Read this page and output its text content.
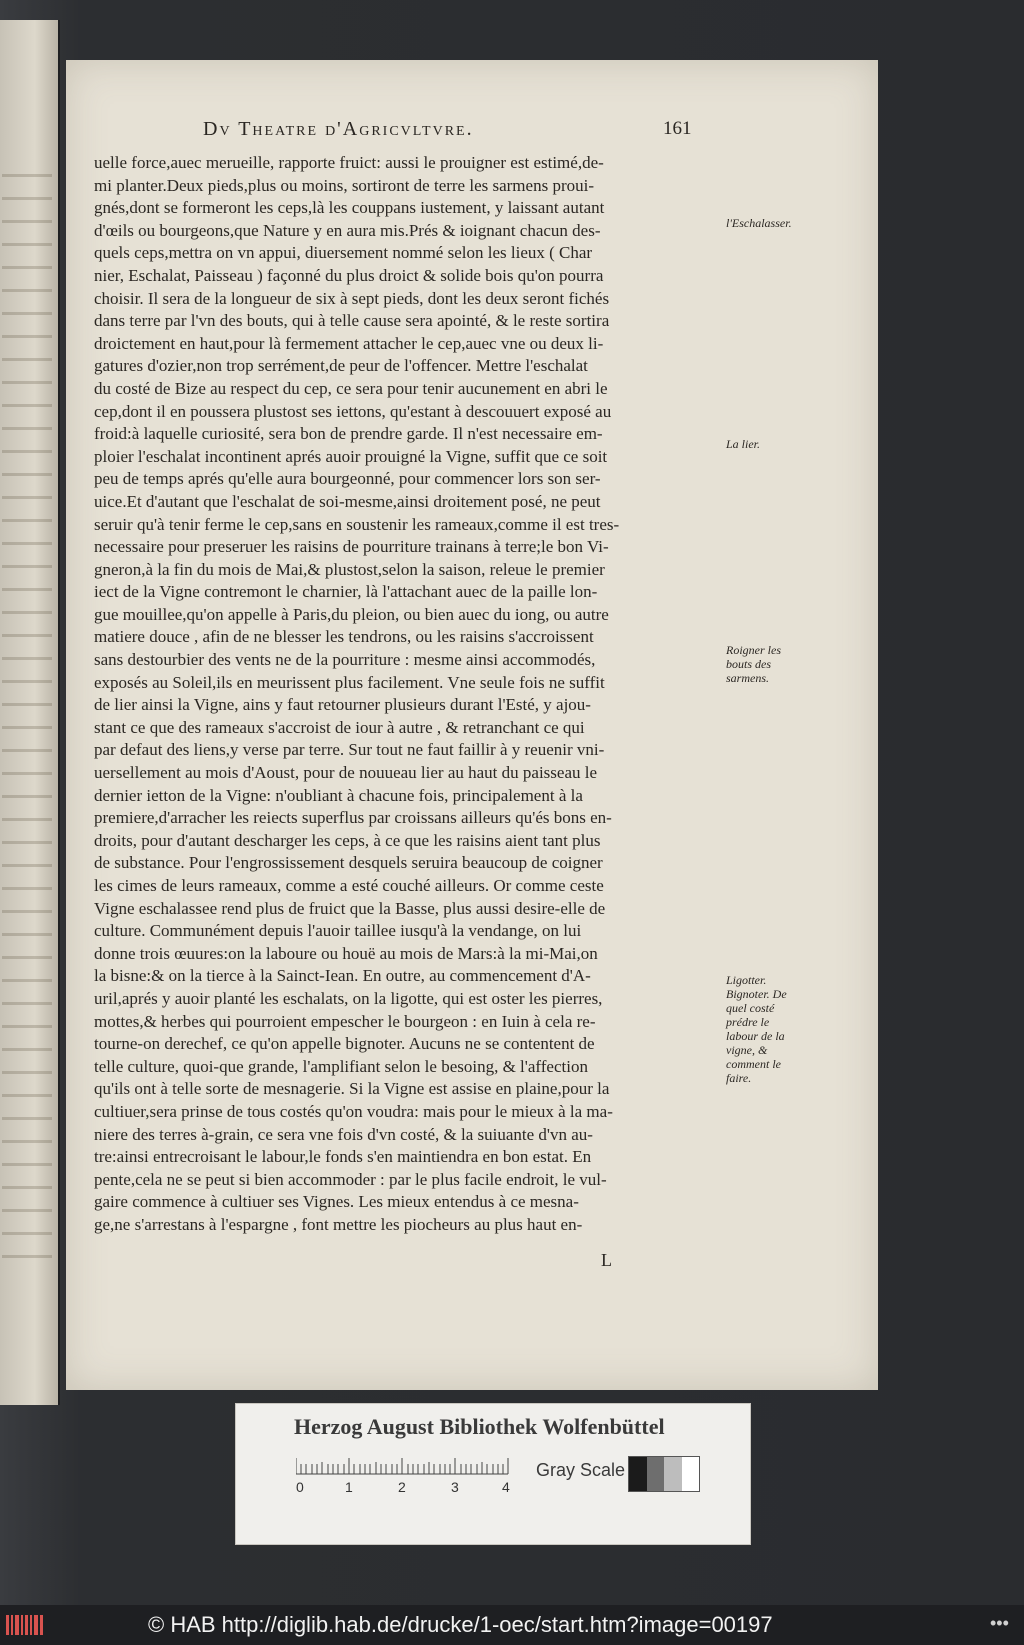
Dv Theatre d'Agricvltvre.	161
uelle force,auec merueille, rapporte fruict: aussi le prouigner est estimé,de-
mi planter.Deux pieds,plus ou moins, sortiront de terre les sarmens proui-
gnés,dont se formeront les ceps,là les couppans iustement, y laissant autant
d'œils ou bourgeons,que Nature y en aura mis.Prés & ioignant chacun des-
quels ceps,mettra on vn appui, diuersement nommé selon les lieux ( Char
nier, Eschalat, Paisseau ) façonné du plus droict & solide bois qu'on pourra
choisir. Il sera de la longueur de six à sept pieds, dont les deux seront fichés
dans terre par l'vn des bouts, qui à telle cause sera apointé, & le reste sortira
droictement en haut,pour là fermement attacher le cep,auec vne ou deux li-
gatures d'ozier,non trop serrément,de peur de l'offencer. Mettre l'eschalat
du costé de Bize au respect du cep, ce sera pour tenir aucunement en abri le
cep,dont il en poussera plustost ses iettons, qu'estant à descouuert exposé au
froid:à laquelle curiosité, sera bon de prendre garde. Il n'est necessaire em-
ploier l'eschalat incontinent aprés auoir prouigné la Vigne, suffit que ce soit
peu de temps aprés qu'elle aura bourgeonné, pour commencer lors son ser-
uice.Et d'autant que l'eschalat de soi-mesme,ainsi droitement posé, ne peut
seruir qu'à tenir ferme le cep,sans en soustenir les rameaux,comme il est tres-
necessaire pour preseruer les raisins de pourriture trainans à terre;le bon Vi-
gneron,à la fin du mois de Mai,& plustost,selon la saison, releue le premier
iect de la Vigne contremont le charnier, là l'attachant auec de la paille lon-
gue mouillee,qu'on appelle à Paris,du pleion, ou bien auec du iong, ou autre
matiere douce , afin de ne blesser les tendrons, ou les raisins s'accroissent
sans destourbier des vents ne de la pourriture : mesme ainsi accommodés,
exposés au Soleil,ils en meurissent plus facilement. Vne seule fois ne suffit
de lier ainsi la Vigne, ains y faut retourner plusieurs durant l'Esté, y ajou-
stant ce que des rameaux s'accroist de iour à autre , & retranchant ce qui
par defaut des liens,y verse par terre. Sur tout ne faut faillir à y reuenir vni-
uersellement au mois d'Aoust, pour de nouueau lier au haut du paisseau le
dernier ietton de la Vigne: n'oubliant à chacune fois, principalement à la
premiere,d'arracher les reiects superflus par croissans ailleurs qu'és bons en-
droits, pour d'autant descharger les ceps, à ce que les raisins aient tant plus
de substance. Pour l'engrossissement desquels seruira beaucoup de coigner
les cimes de leurs rameaux, comme a esté couché ailleurs. Or comme ceste
Vigne eschalassee rend plus de fruict que la Basse, plus aussi desire-elle de
culture. Communément depuis l'auoir taillee iusqu'à la vendange, on lui
donne trois œuures:on la laboure ou houë au mois de Mars:à la mi-Mai,on
la bisne:& on la tierce à la Sainct-Iean. En outre, au commencement d'A-
uril,aprés y auoir planté les eschalats, on la ligotte, qui est oster les pierres,
mottes,& herbes qui pourroient empescher le bourgeon : en Iuin à cela re-
tourne-on derechef, ce qu'on appelle bignoter. Aucuns ne se contentent de
telle culture, quoi-que grande, l'amplifiant selon le besoing, & l'affection
qu'ils ont à telle sorte de mesnagerie. Si la Vigne est assise en plaine,pour la
cultiuer,sera prinse de tous costés qu'on voudra: mais pour le mieux à la ma-
niere des terres à-grain, ce sera vne fois d'vn costé, & la suiuante d'vn au-
tre:ainsi entrecroisant le labour,le fonds s'en maintiendra en bon estat. En
pente,cela ne se peut si bien accommoder : par le plus facile endroit, le vul-
gaire commence à cultiuer ses Vignes. Les mieux entendus à ce mesna-
ge,ne s'arrestans à l'espargne , font mettre les piocheurs au plus haut en-
l'Eschalasser.
La lier.
Roigner les bouts des sarmens.
Ligotter. Bignoter. De quel costé prédre le labour de la vigne, & comment le faire.
L
Herzog August Bibliothek Wolfenbüttel
0	1	2	3	4
Gray Scale
© HAB http://diglib.hab.de/drucke/1-oec/start.htm?image=00197	•••
